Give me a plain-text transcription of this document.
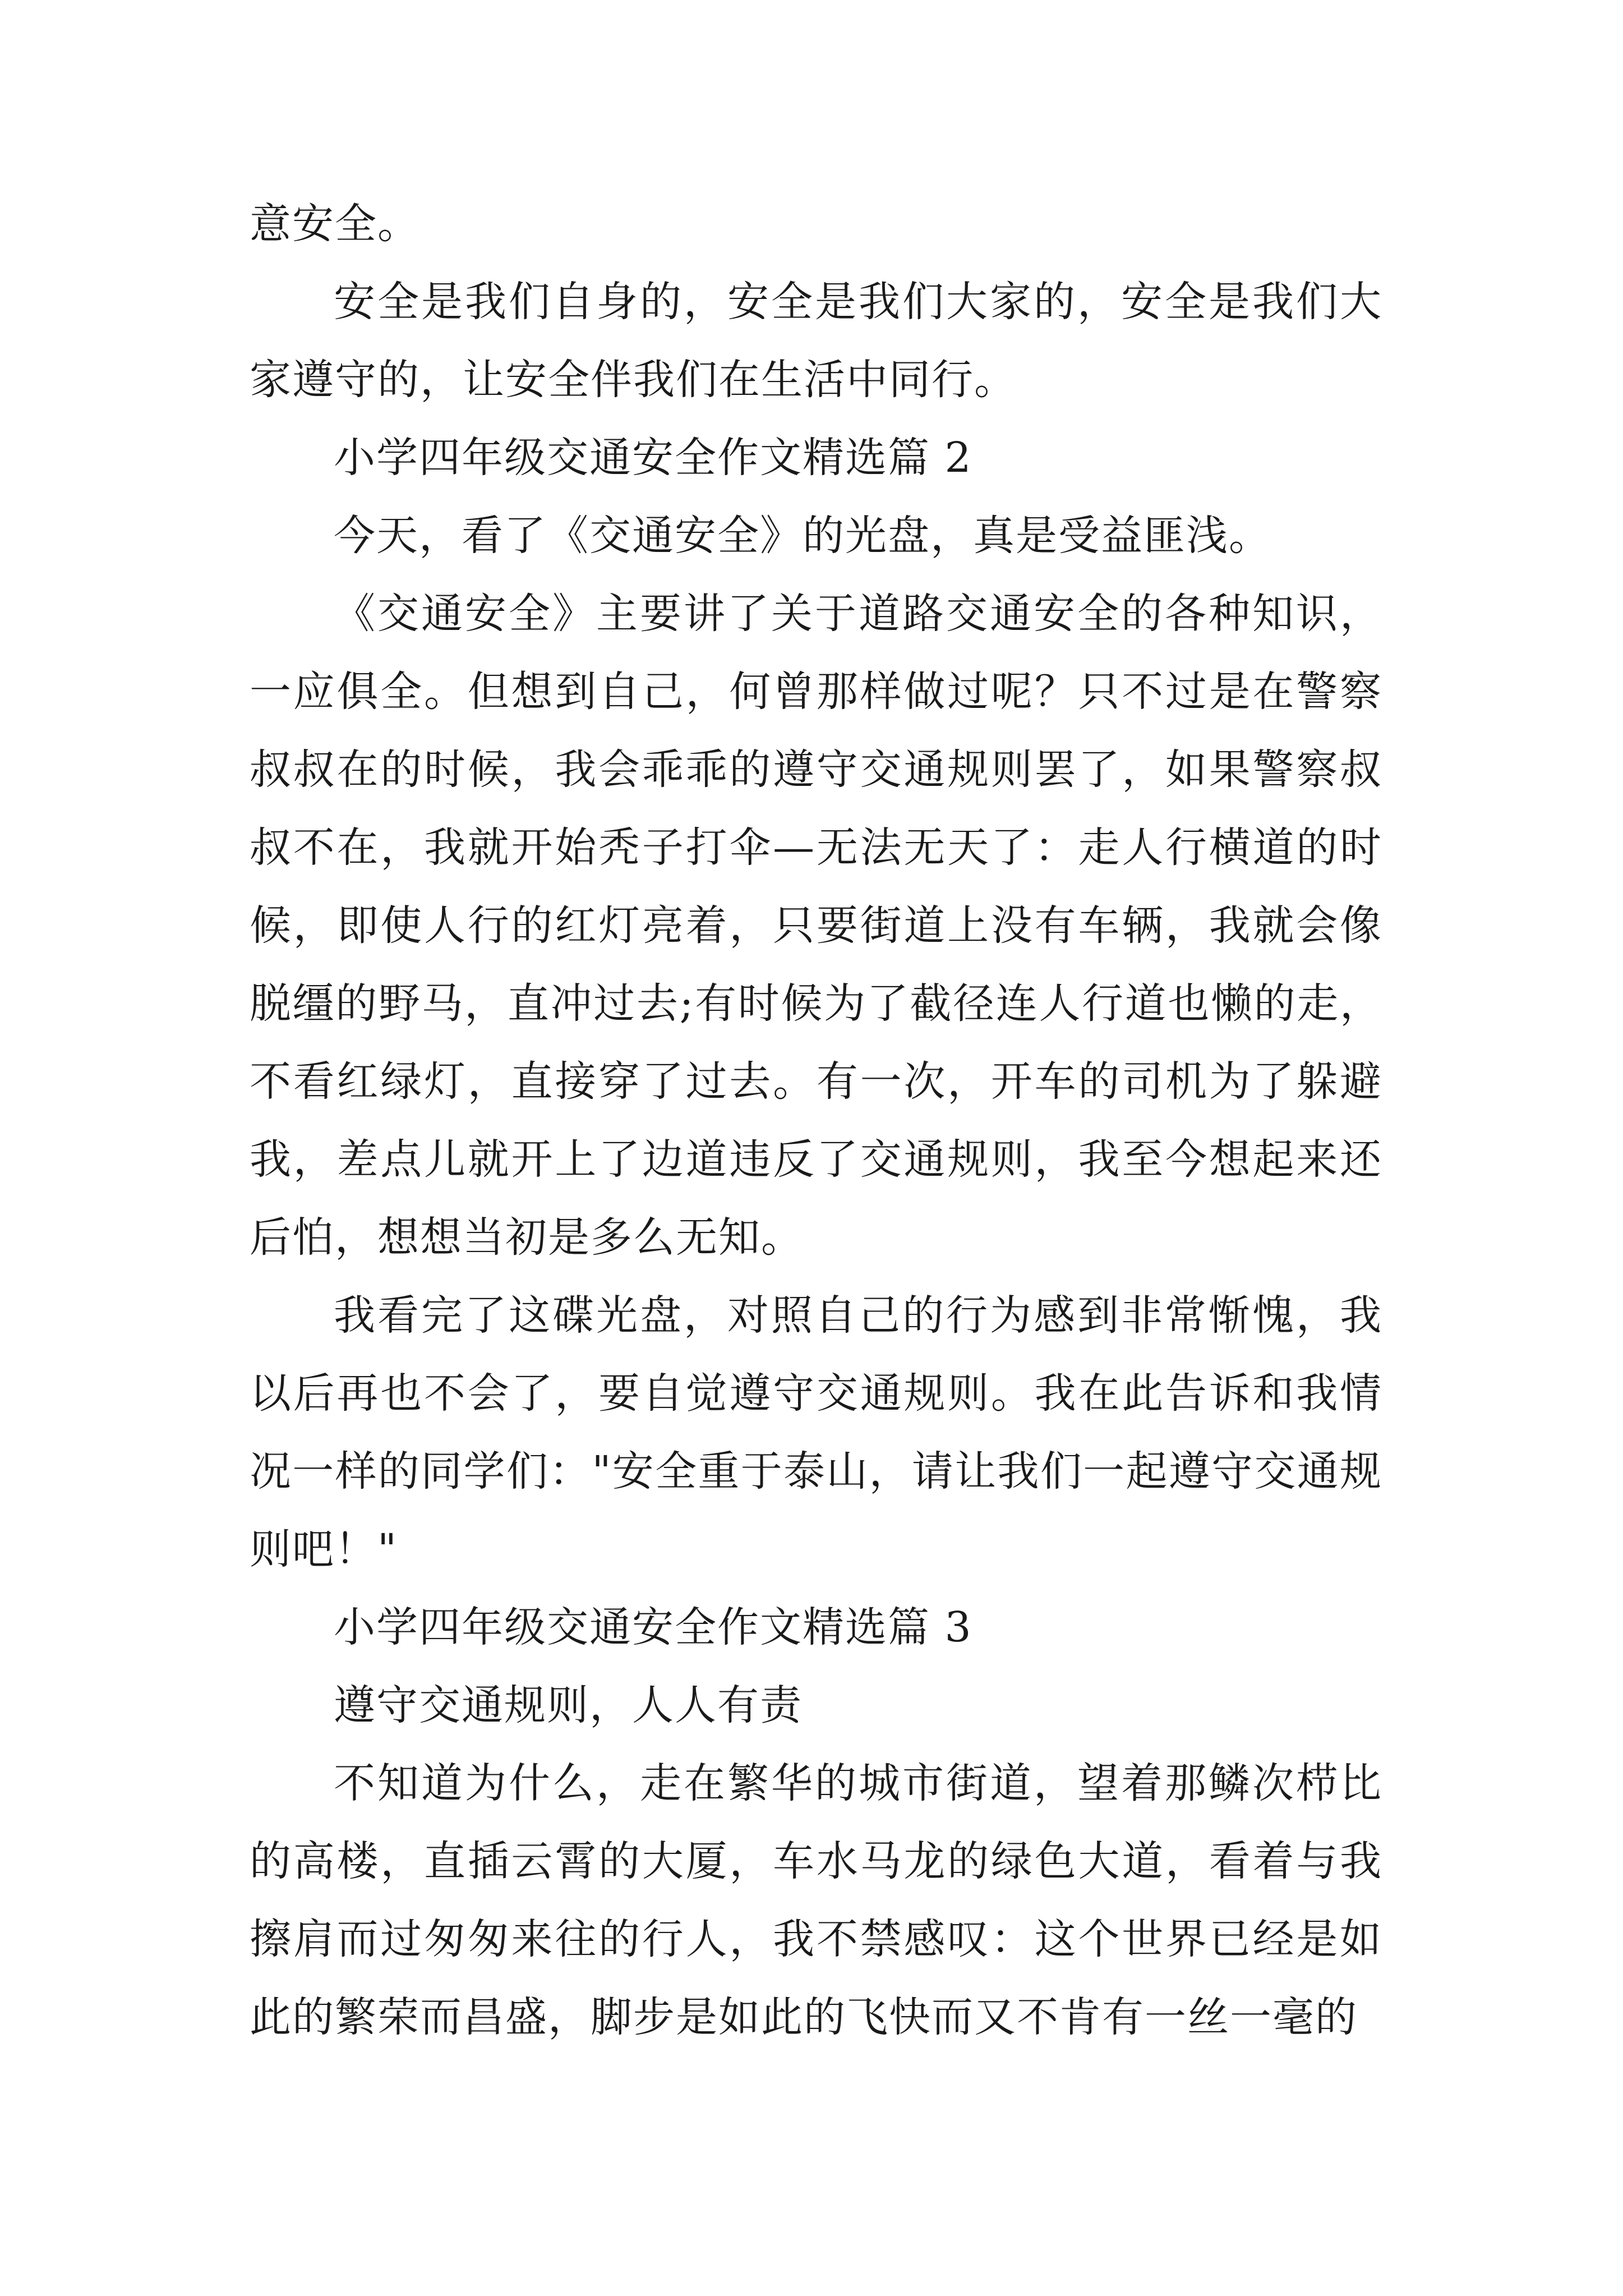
意安全。

安全是我们自身的，安全是我们大家的，安全是我们大家遵守的，让安全伴我们在生活中同行。

小学四年级交通安全作文精选篇 2

今天，看了《交通安全》的光盘，真是受益匪浅。

《交通安全》主要讲了关于道路交通安全的各种知识，一应俱全。但想到自己，何曾那样做过呢？只不过是在警察叔叔在的时候，我会乖乖的遵守交通规则罢了，如果警察叔叔不在，我就开始秃子打伞—无法无天了：走人行横道的时候，即使人行的红灯亮着，只要街道上没有车辆，我就会像脱缰的野马，直冲过去;有时候为了截径连人行道也懒的走，不看红绿灯，直接穿了过去。有一次，开车的司机为了躲避我，差点儿就开上了边道违反了交通规则，我至今想起来还后怕，想想当初是多么无知。

我看完了这碟光盘，对照自己的行为感到非常惭愧，我以后再也不会了，要自觉遵守交通规则。我在此告诉和我情况一样的同学们："安全重于泰山，请让我们一起遵守交通规则吧！"

小学四年级交通安全作文精选篇 3

遵守交通规则，人人有责

不知道为什么，走在繁华的城市街道，望着那鳞次栉比的高楼，直插云霄的大厦，车水马龙的绿色大道，看着与我擦肩而过匆匆来往的行人，我不禁感叹：这个世界已经是如此的繁荣而昌盛，脚步是如此的飞快而又不肯有一丝一毫的
